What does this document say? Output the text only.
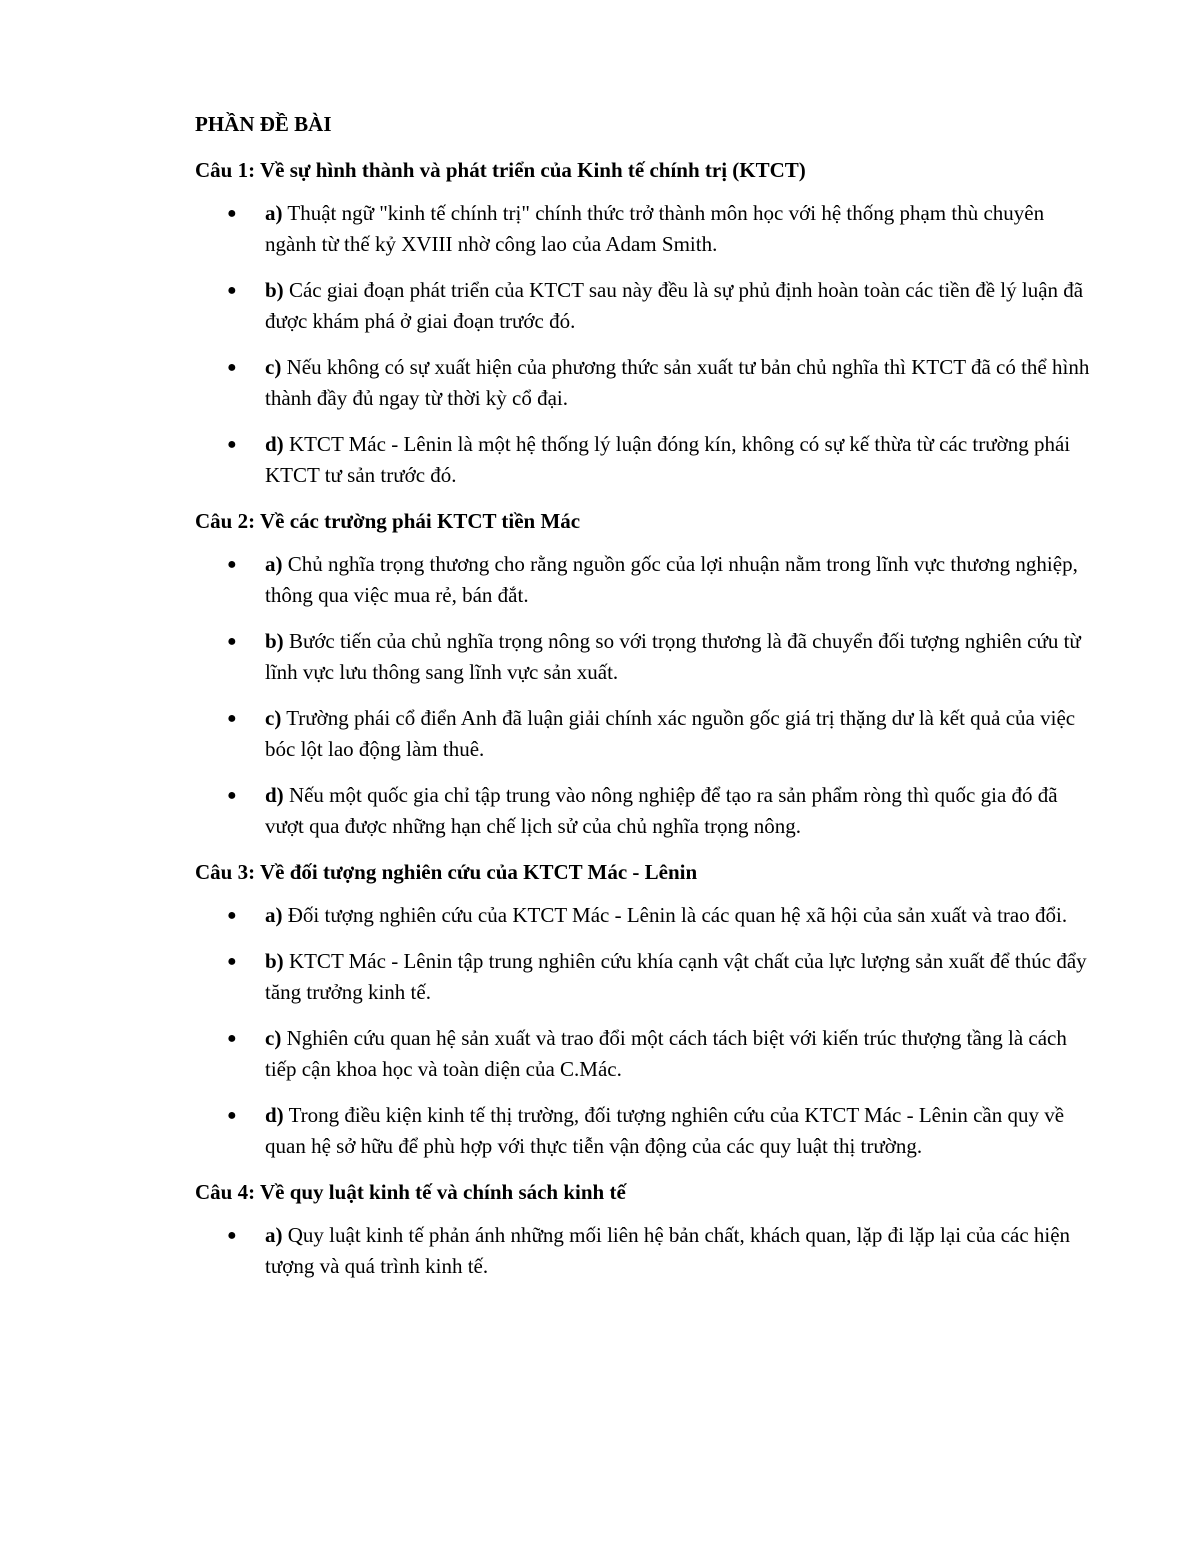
PHẦN ĐỀ BÀI
Câu 1: Về sự hình thành và phát triển của Kinh tế chính trị (KTCT)
● a) Thuật ngữ "kinh tế chính trị" chính thức trở thành môn học với hệ thống phạm thù chuyên ngành từ thế kỷ XVIII nhờ công lao của Adam Smith.
● b) Các giai đoạn phát triển của KTCT sau này đều là sự phủ định hoàn toàn các tiền đề lý luận đã được khám phá ở giai đoạn trước đó.
● c) Nếu không có sự xuất hiện của phương thức sản xuất tư bản chủ nghĩa thì KTCT đã có thể hình thành đầy đủ ngay từ thời kỳ cổ đại.
● d) KTCT Mác - Lênin là một hệ thống lý luận đóng kín, không có sự kế thừa từ các trường phái KTCT tư sản trước đó.
Câu 2: Về các trường phái KTCT tiền Mác
● a) Chủ nghĩa trọng thương cho rằng nguồn gốc của lợi nhuận nằm trong lĩnh vực thương nghiệp, thông qua việc mua rẻ, bán đắt.
● b) Bước tiến của chủ nghĩa trọng nông so với trọng thương là đã chuyển đối tượng nghiên cứu từ lĩnh vực lưu thông sang lĩnh vực sản xuất.
● c) Trường phái cổ điển Anh đã luận giải chính xác nguồn gốc giá trị thặng dư là kết quả của việc bóc lột lao động làm thuê.
● d) Nếu một quốc gia chỉ tập trung vào nông nghiệp để tạo ra sản phẩm ròng thì quốc gia đó đã vượt qua được những hạn chế lịch sử của chủ nghĩa trọng nông.
Câu 3: Về đối tượng nghiên cứu của KTCT Mác - Lênin
● a) Đối tượng nghiên cứu của KTCT Mác - Lênin là các quan hệ xã hội của sản xuất và trao đổi.
● b) KTCT Mác - Lênin tập trung nghiên cứu khía cạnh vật chất của lực lượng sản xuất để thúc đẩy tăng trưởng kinh tế.
● c) Nghiên cứu quan hệ sản xuất và trao đổi một cách tách biệt với kiến trúc thượng tầng là cách tiếp cận khoa học và toàn diện của C.Mác.
● d) Trong điều kiện kinh tế thị trường, đối tượng nghiên cứu của KTCT Mác - Lênin cần quy về quan hệ sở hữu để phù hợp với thực tiễn vận động của các quy luật thị trường.
Câu 4: Về quy luật kinh tế và chính sách kinh tế
● a) Quy luật kinh tế phản ánh những mối liên hệ bản chất, khách quan, lặp đi lặp lại của các hiện tượng và quá trình kinh tế.
